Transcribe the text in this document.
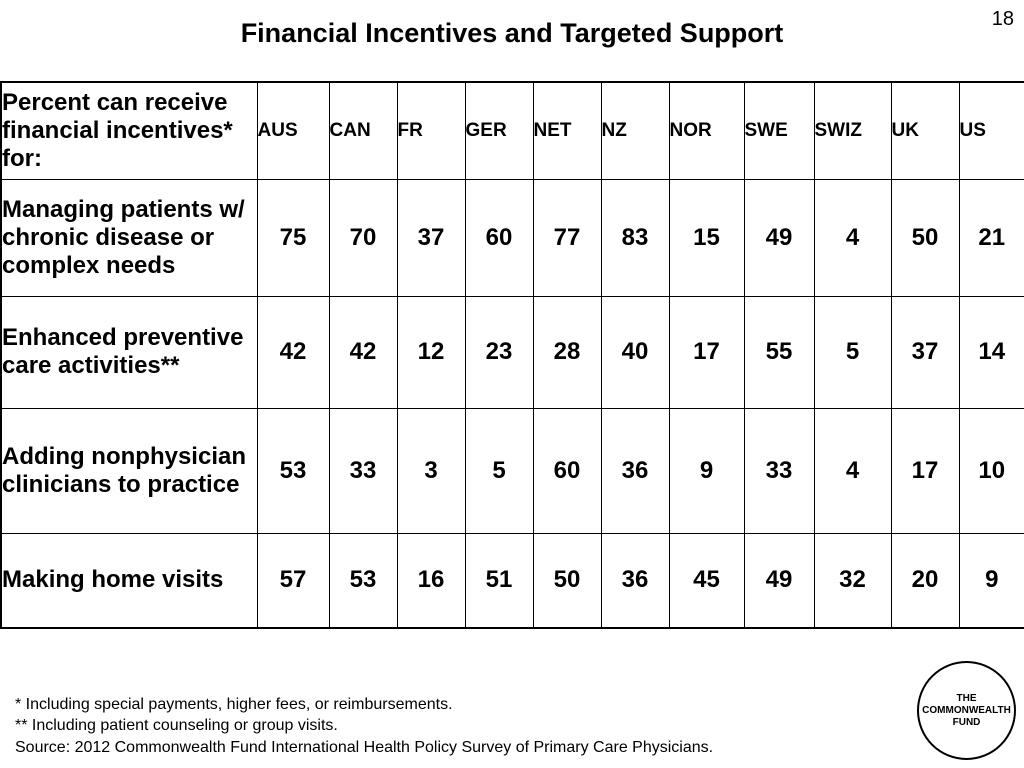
18
Financial Incentives and Targeted Support
Percent can receive financial incentives* for:	AUS	CAN	FR	GER	NET	NZ	NOR	SWE	SWIZ	UK	US
Managing patients w/ chronic disease or complex needs	75	70	37	60	77	83	15	49	4	50	21
Enhanced preventive care activities**	42	42	12	23	28	40	17	55	5	37	14
Adding nonphysician clinicians to practice	53	33	3	5	60	36	9	33	4	17	10
Making home visits	57	53	16	51	50	36	45	49	32	20	9
* Including special payments, higher fees, or reimbursements.
** Including patient counseling or group visits.
Source: 2012 Commonwealth Fund International Health Policy Survey of Primary Care Physicians.
THE
COMMONWEALTH
FUND
